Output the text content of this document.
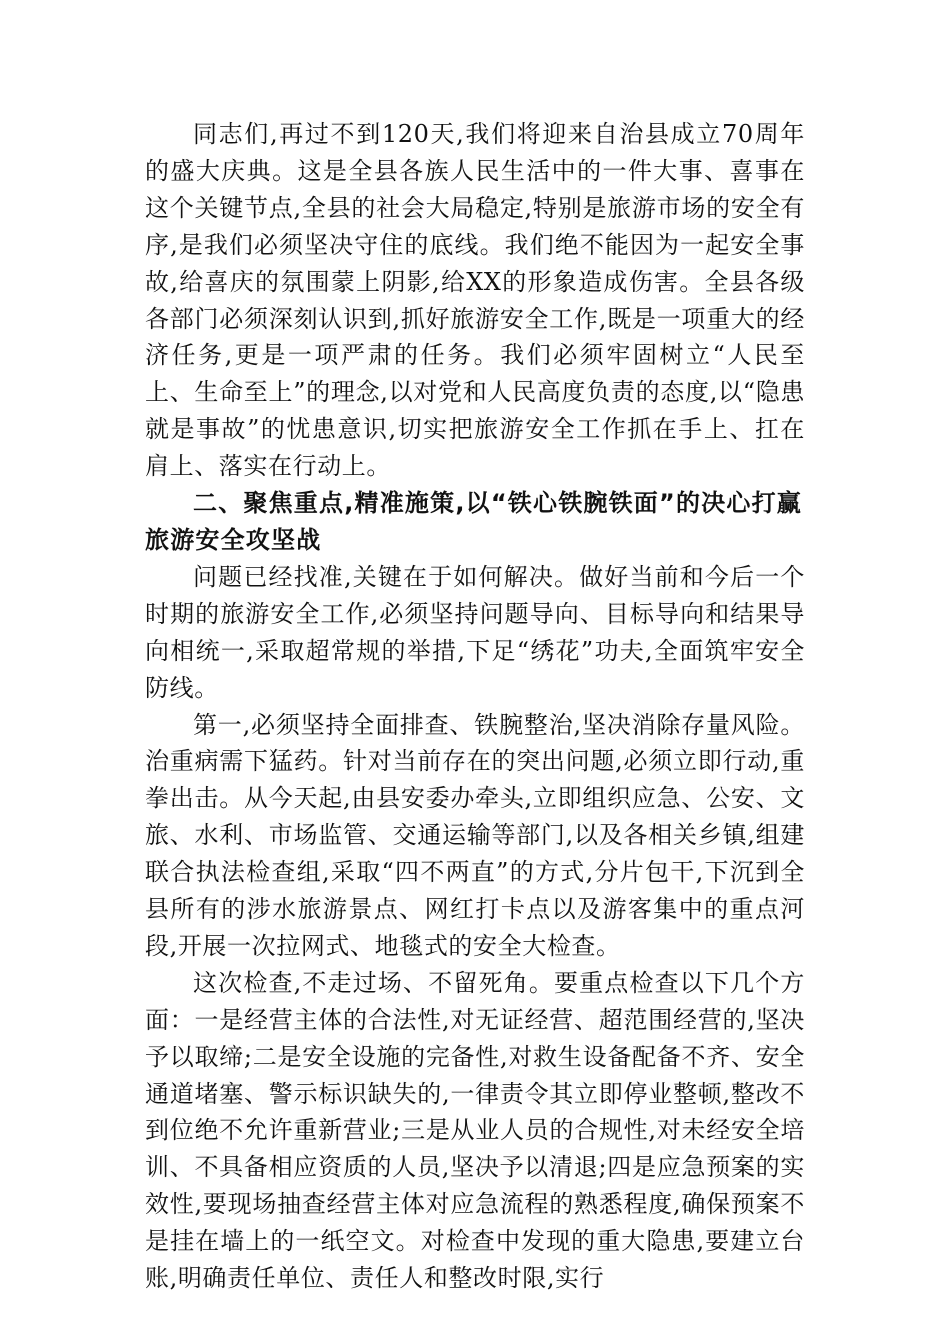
同志们,再过不到120天,我们将迎来自治县成立70周年的盛大庆典。这是全县各族人民生活中的一件大事、喜事在这个关键节点,全县的社会大局稳定,特别是旅游市场的安全有序,是我们必须坚决守住的底线。我们绝不能因为一起安全事故,给喜庆的氛围蒙上阴影,给XX的形象造成伤害。全县各级各部门必须深刻认识到,抓好旅游安全工作,既是一项重大的经济任务,更是一项严肃的任务。我们必须牢固树立“人民至上、生命至上”的理念,以对党和人民高度负责的态度,以“隐患就是事故”的忧患意识,切实把旅游安全工作抓在手上、扛在肩上、落实在行动上。

二、聚焦重点,精准施策,以“铁心铁腕铁面”的决心打赢旅游安全攻坚战

问题已经找准,关键在于如何解决。做好当前和今后一个时期的旅游安全工作,必须坚持问题导向、目标导向和结果导向相统一,采取超常规的举措,下足“绣花”功夫,全面筑牢安全防线。

第一,必须坚持全面排查、铁腕整治,坚决消除存量风险。治重病需下猛药。针对当前存在的突出问题,必须立即行动,重拳出击。从今天起,由县安委办牵头,立即组织应急、公安、文旅、水利、市场监管、交通运输等部门,以及各相关乡镇,组建联合执法检查组,采取“四不两直”的方式,分片包干,下沉到全县所有的涉水旅游景点、网红打卡点以及游客集中的重点河段,开展一次拉网式、地毯式的安全大检查。

这次检查,不走过场、不留死角。要重点检查以下几个方面：一是经营主体的合法性,对无证经营、超范围经营的,坚决予以取缔;二是安全设施的完备性,对救生设备配备不齐、安全通道堵塞、警示标识缺失的,一律责令其立即停业整顿,整改不到位绝不允许重新营业;三是从业人员的合规性,对未经安全培训、不具备相应资质的人员,坚决予以清退;四是应急预案的实效性,要现场抽查经营主体对应急流程的熟悉程度,确保预案不是挂在墙上的一纸空文。对检查中发现的重大隐患,要建立台账,明确责任单位、责任人和整改时限,实行
